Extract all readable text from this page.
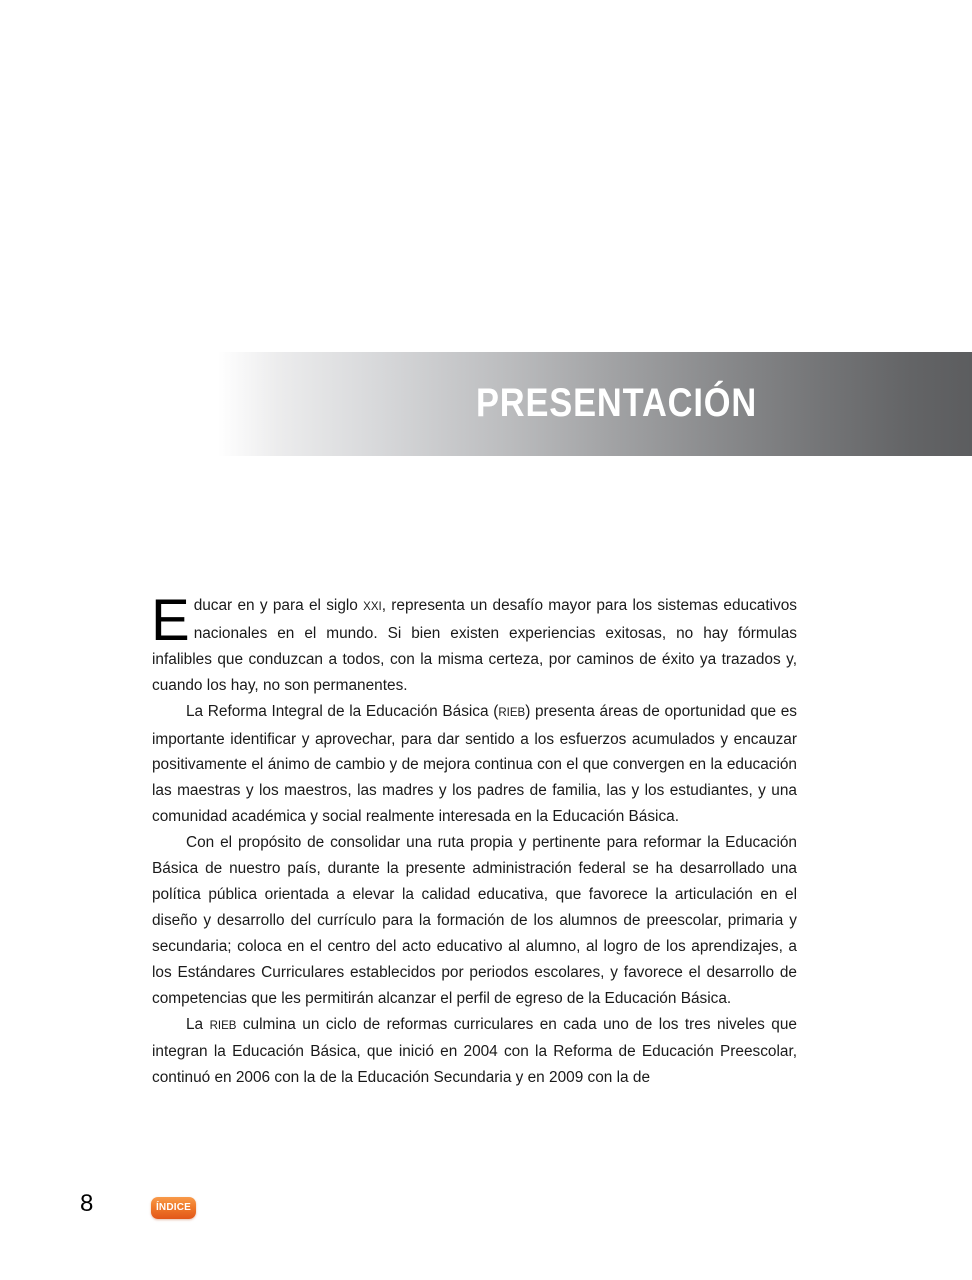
PRESENTACIÓN

Educar en y para el siglo XXI, representa un desafío mayor para los sistemas educativos nacionales en el mundo. Si bien existen experiencias exitosas, no hay fórmulas infalibles que conduzcan a todos, con la misma certeza, por caminos de éxito ya trazados y, cuando los hay, no son permanentes.

La Reforma Integral de la Educación Básica (RIEB) presenta áreas de oportunidad que es importante identificar y aprovechar, para dar sentido a los esfuerzos acumulados y encauzar positivamente el ánimo de cambio y de mejora continua con el que convergen en la educación las maestras y los maestros, las madres y los padres de familia, las y los estudiantes, y una comunidad académica y social realmente interesada en la Educación Básica.

Con el propósito de consolidar una ruta propia y pertinente para reformar la Educación Básica de nuestro país, durante la presente administración federal se ha desarrollado una política pública orientada a elevar la calidad educativa, que favorece la articulación en el diseño y desarrollo del currículo para la formación de los alumnos de preescolar, primaria y secundaria; coloca en el centro del acto educativo al alumno, al logro de los aprendizajes, a los Estándares Curriculares establecidos por periodos escolares, y favorece el desarrollo de competencias que les permitirán alcanzar el perfil de egreso de la Educación Básica.

La RIEB culmina un ciclo de reformas curriculares en cada uno de los tres niveles que integran la Educación Básica, que inició en 2004 con la Reforma de Educación Preescolar, continuó en 2006 con la de la Educación Secundaria y en 2009 con la de

8	ÍNDICE
